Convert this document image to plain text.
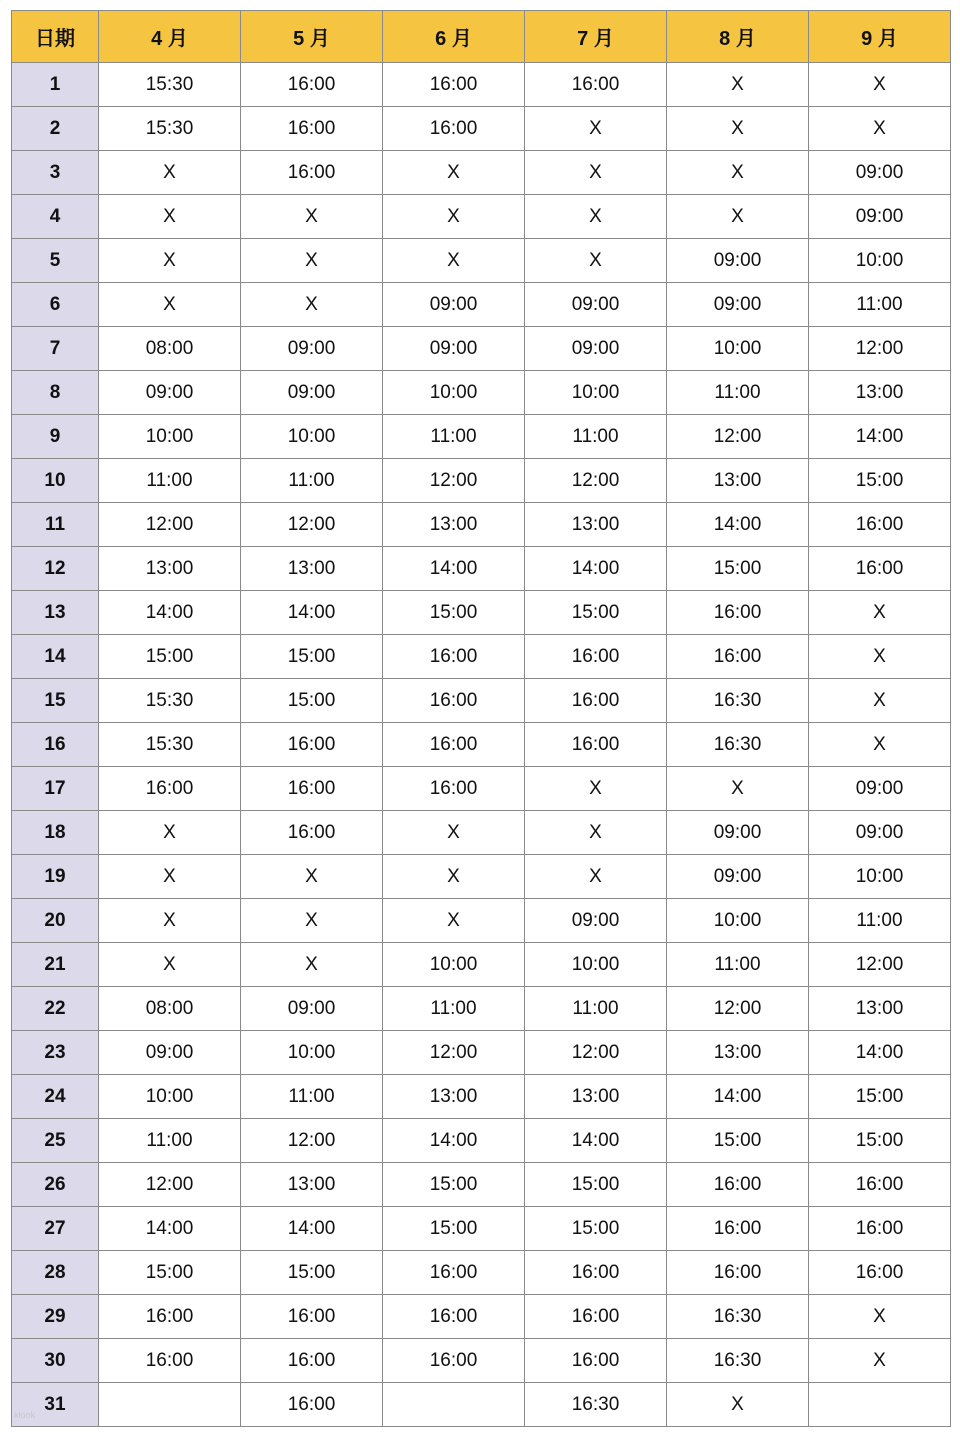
日期	4 月	5 月	6 月	7 月	8 月	9 月
1	15:30	16:00	16:00	16:00	X	X
2	15:30	16:00	16:00	X	X	X
3	X	16:00	X	X	X	09:00
4	X	X	X	X	X	09:00
5	X	X	X	X	09:00	10:00
6	X	X	09:00	09:00	09:00	11:00
7	08:00	09:00	09:00	09:00	10:00	12:00
8	09:00	09:00	10:00	10:00	11:00	13:00
9	10:00	10:00	11:00	11:00	12:00	14:00
10	11:00	11:00	12:00	12:00	13:00	15:00
11	12:00	12:00	13:00	13:00	14:00	16:00
12	13:00	13:00	14:00	14:00	15:00	16:00
13	14:00	14:00	15:00	15:00	16:00	X
14	15:00	15:00	16:00	16:00	16:00	X
15	15:30	15:00	16:00	16:00	16:30	X
16	15:30	16:00	16:00	16:00	16:30	X
17	16:00	16:00	16:00	X	X	09:00
18	X	16:00	X	X	09:00	09:00
19	X	X	X	X	09:00	10:00
20	X	X	X	09:00	10:00	11:00
21	X	X	10:00	10:00	11:00	12:00
22	08:00	09:00	11:00	11:00	12:00	13:00
23	09:00	10:00	12:00	12:00	13:00	14:00
24	10:00	11:00	13:00	13:00	14:00	15:00
25	11:00	12:00	14:00	14:00	15:00	15:00
26	12:00	13:00	15:00	15:00	16:00	16:00
27	14:00	14:00	15:00	15:00	16:00	16:00
28	15:00	15:00	16:00	16:00	16:00	16:00
29	16:00	16:00	16:00	16:00	16:30	X
30	16:00	16:00	16:00	16:00	16:30	X
31		16:00		16:30	X	
klook
